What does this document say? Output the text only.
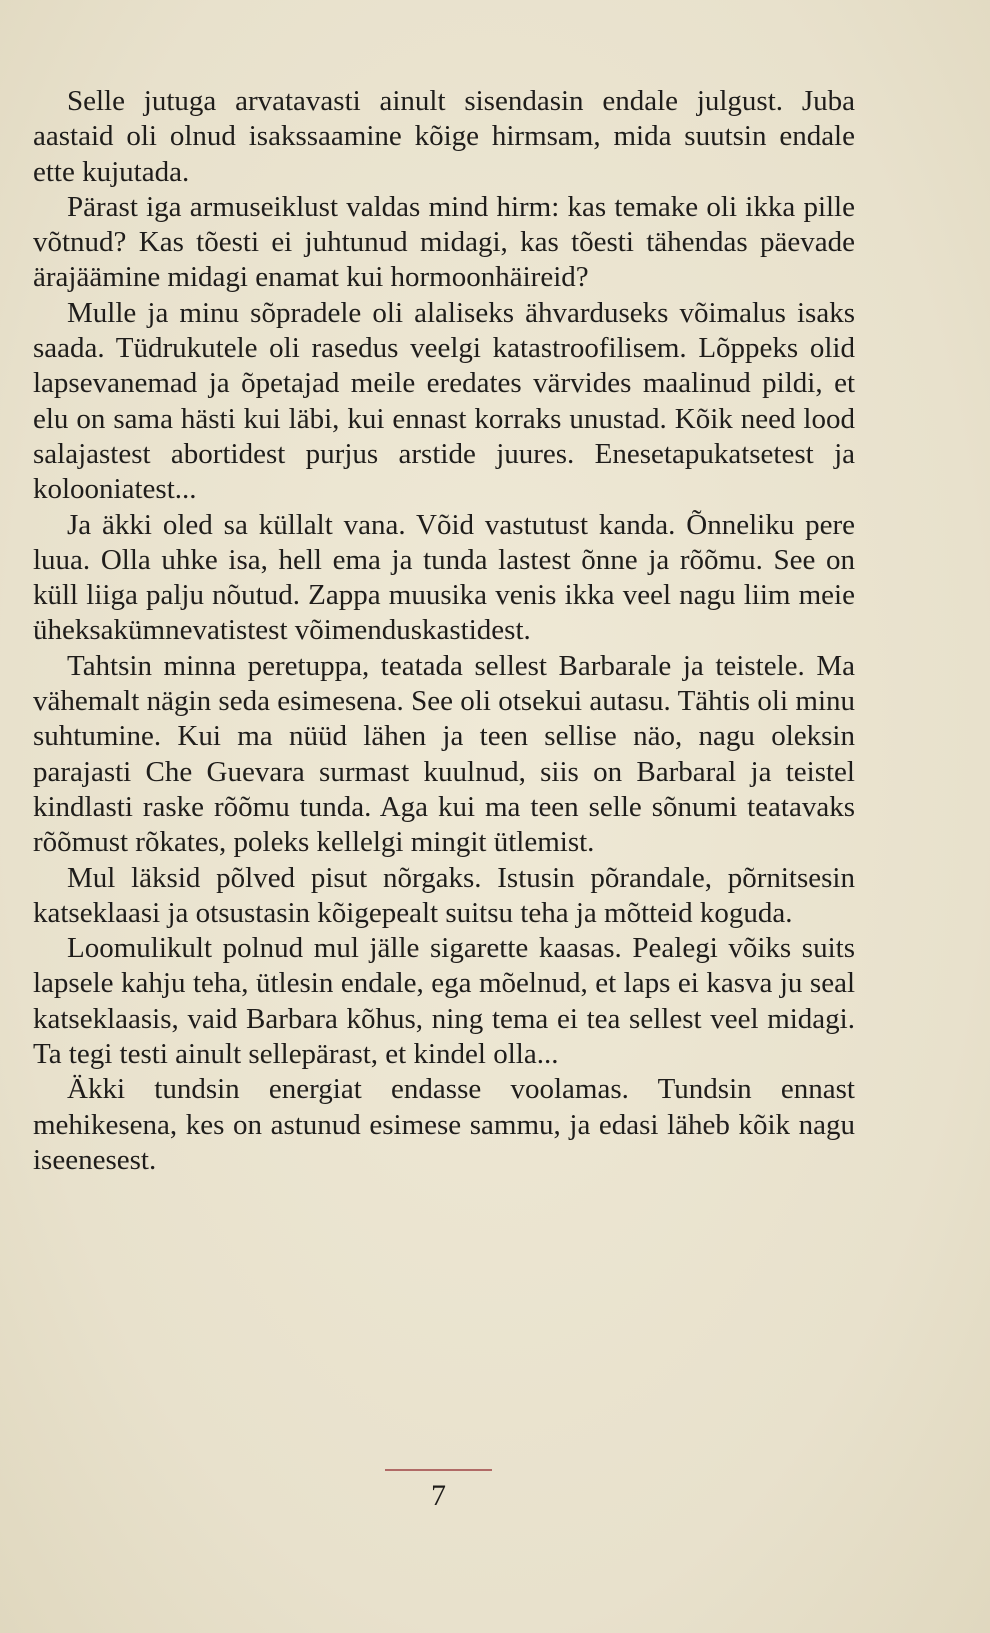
Selle jutuga arvatavasti ainult sisendasin endale julgust. Juba aastaid oli olnud isakssaamine kõige hirmsam, mida suutsin endale ette kujutada.

Pärast iga armuseiklust valdas mind hirm: kas temake oli ikka pille võtnud? Kas tõesti ei juhtunud midagi, kas tõesti tähendas päevade ärajäämine midagi enamat kui hormoonhäireid?

Mulle ja minu sõpradele oli alaliseks ähvarduseks võimalus isaks saada. Tüdrukutele oli rasedus veelgi katastroofilisem. Lõppeks olid lapsevanemad ja õpetajad meile eredates värvides maalinud pildi, et elu on sama hästi kui läbi, kui ennast korraks unustad. Kõik need lood salajastest abortidest purjus arstide juures. Enesetapukatsetest ja kolooniatest...

Ja äkki oled sa küllalt vana. Võid vastutust kanda. Õnneliku pere luua. Olla uhke isa, hell ema ja tunda lastest õnne ja rõõmu. See on küll liiga palju nõutud. Zappa muusika venis ikka veel nagu liim meie üheksakümnevatistest võimenduskastidest.

Tahtsin minna peretuppa, teatada sellest Barbarale ja teistele. Ma vähemalt nägin seda esimesena. See oli otsekui autasu. Tähtis oli minu suhtumine. Kui ma nüüd lähen ja teen sellise näo, nagu oleksin parajasti Che Guevara surmast kuulnud, siis on Barbaral ja teistel kindlasti raske rõõmu tunda. Aga kui ma teen selle sõnumi teatavaks rõõmust rõkates, poleks kellelgi mingit ütlemist.

Mul läksid põlved pisut nõrgaks. Istusin põrandale, põrnitsesin katseklaasi ja otsustasin kõigepealt suitsu teha ja mõtteid koguda.

Loomulikult polnud mul jälle sigarette kaasas. Pealegi võiks suits lapsele kahju teha, ütlesin endale, ega mõelnud, et laps ei kasva ju seal katseklaasis, vaid Barbara kõhus, ning tema ei tea sellest veel midagi. Ta tegi testi ainult sellepärast, et kindel olla...

Äkki tundsin energiat endasse voolamas. Tundsin ennast mehikesena, kes on astunud esimese sammu, ja edasi läheb kõik nagu iseenesest.

7
